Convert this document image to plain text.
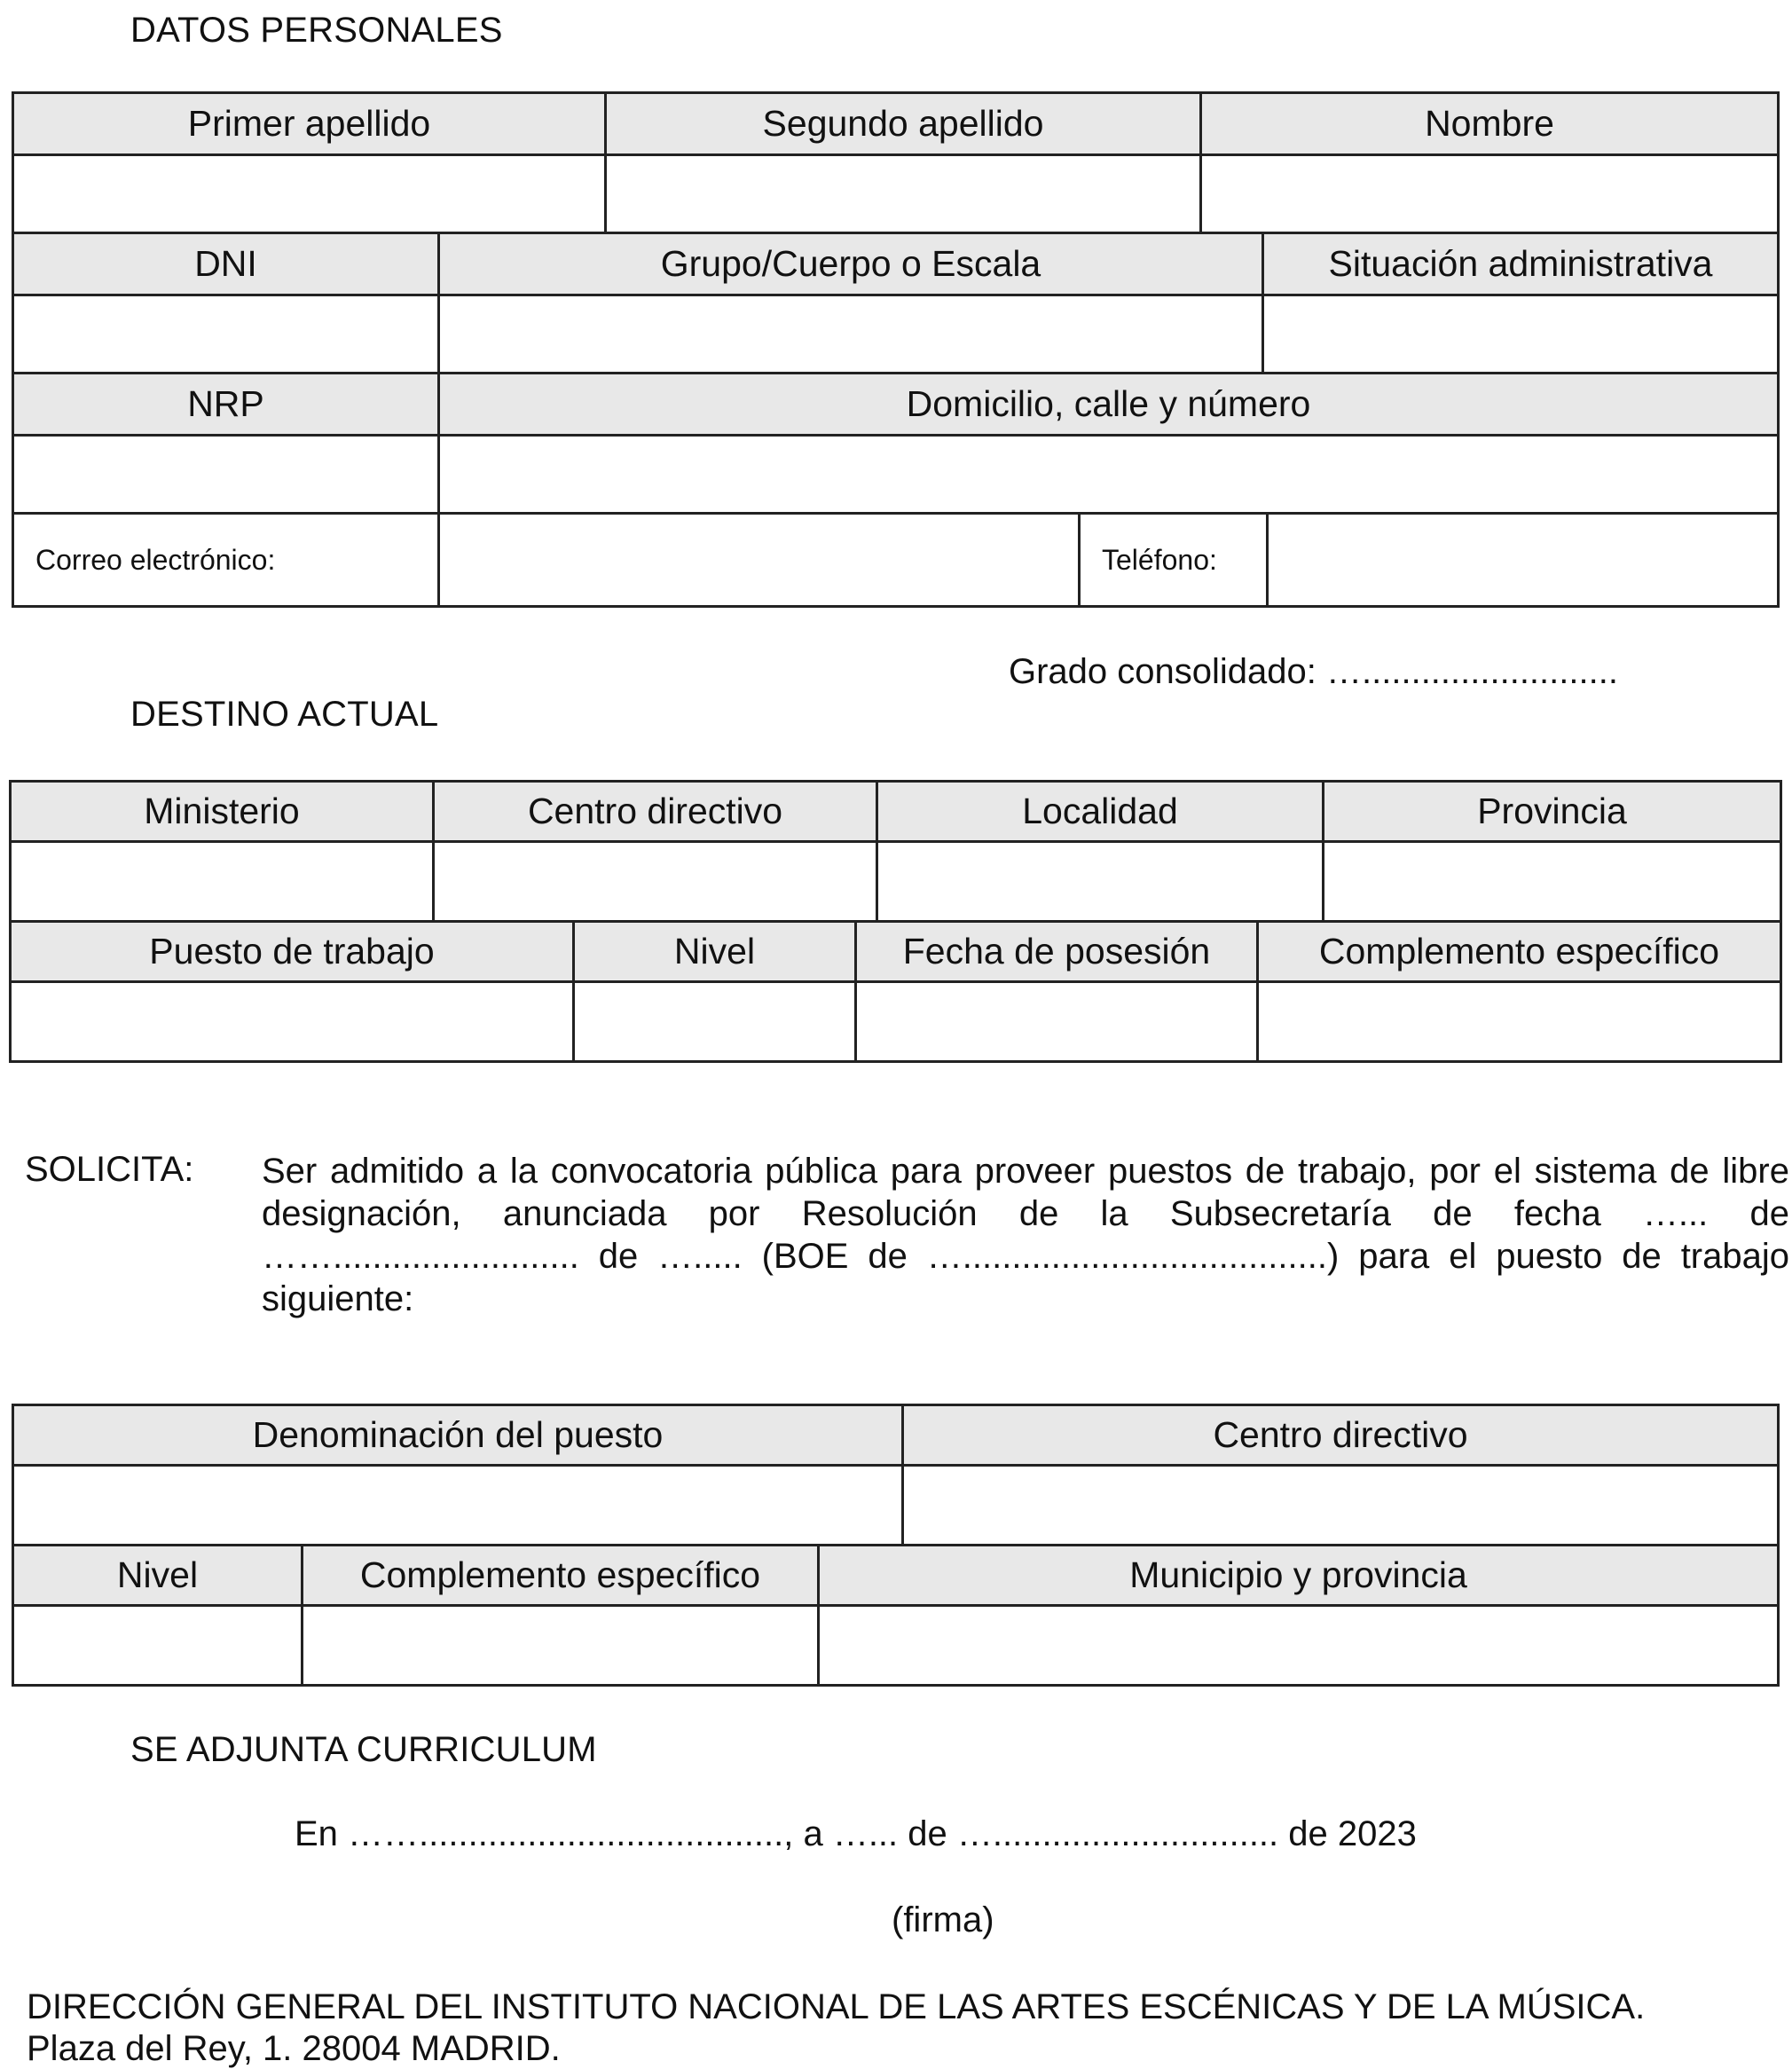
DATOS PERSONALES
Primer apellido	Segundo apellido	Nombre

DNI	Grupo/Cuerpo o Escala	Situación administrativa

NRP	Domicilio, calle y número

Correo electrónico:		Teléfono:	
Grado consolidado: …..........................
DESTINO ACTUAL
Ministerio	Centro directivo	Localidad	Provincia

Puesto de trabajo	Nivel	Fecha de posesión	Complemento específico

SOLICITA: Ser admitido a la convocatoria pública para proveer puestos de trabajo, por el sistema de libre designación, anunciada por Resolución de la Subsecretaría de fecha …... de ……......................... de …..... (BOE de ….....................................) para el puesto de trabajo siguiente:
Denominación del puesto	Centro directivo

Nivel	Complemento específico	Municipio y provincia

SE ADJUNTA CURRICULUM
En ……....................................., a …... de …............................. de 2023
(firma)
DIRECCIÓN GENERAL DEL INSTITUTO NACIONAL DE LAS ARTES ESCÉNICAS Y DE LA MÚSICA.
Plaza del Rey, 1. 28004 MADRID.
